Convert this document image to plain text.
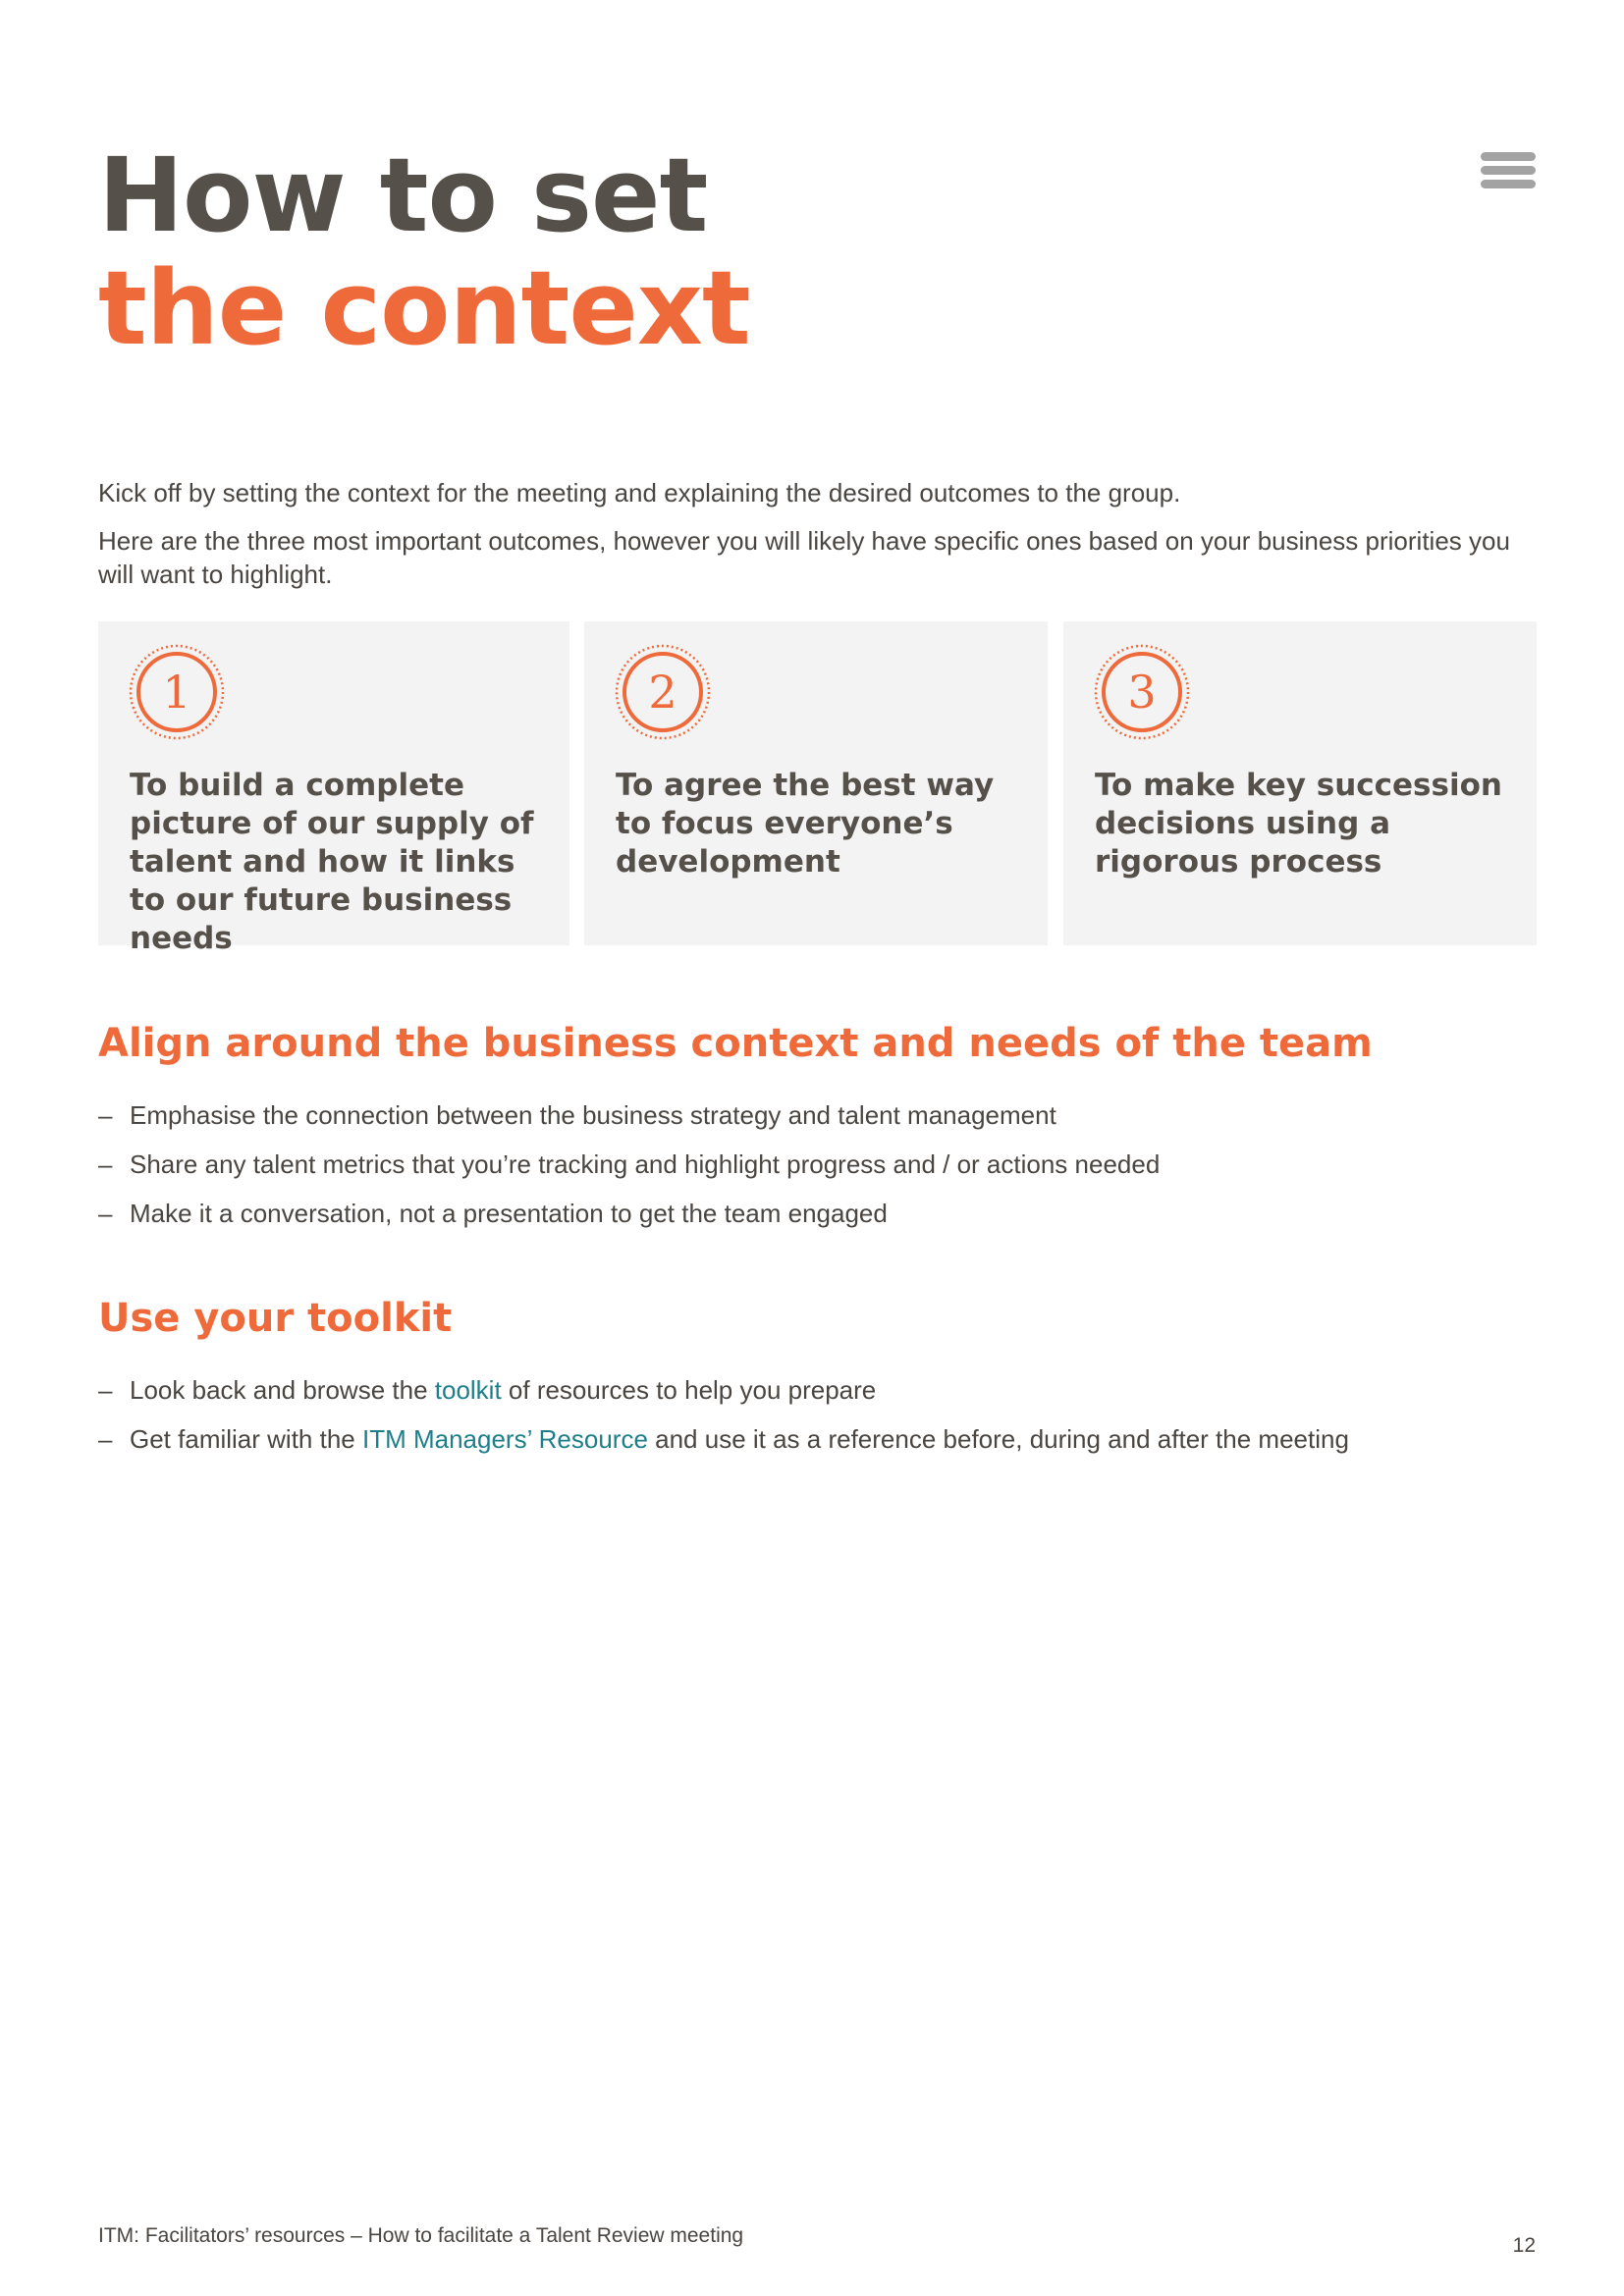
How to set
the context

Kick off by setting the context for the meeting and explaining the desired outcomes to the group.

Here are the three most important outcomes, however you will likely have specific ones based on your business priorities you will want to highlight.

1
To build a complete picture of our supply of talent and how it links to our future business needs
2
To agree the best way to focus everyone’s development
3
To make key succession decisions using a rigorous process
Align around the business context and needs of the team
– Emphasise the connection between the business strategy and talent management
– Share any talent metrics that you’re tracking and highlight progress and / or actions needed
– Make it a conversation, not a presentation to get the team engaged
Use your toolkit
– Look back and browse the toolkit of resources to help you prepare
– Get familiar with the ITM Managers’ Resource and use it as a reference before, during and after the meeting
ITM: Facilitators’ resources – How to facilitate a Talent Review meeting	12
